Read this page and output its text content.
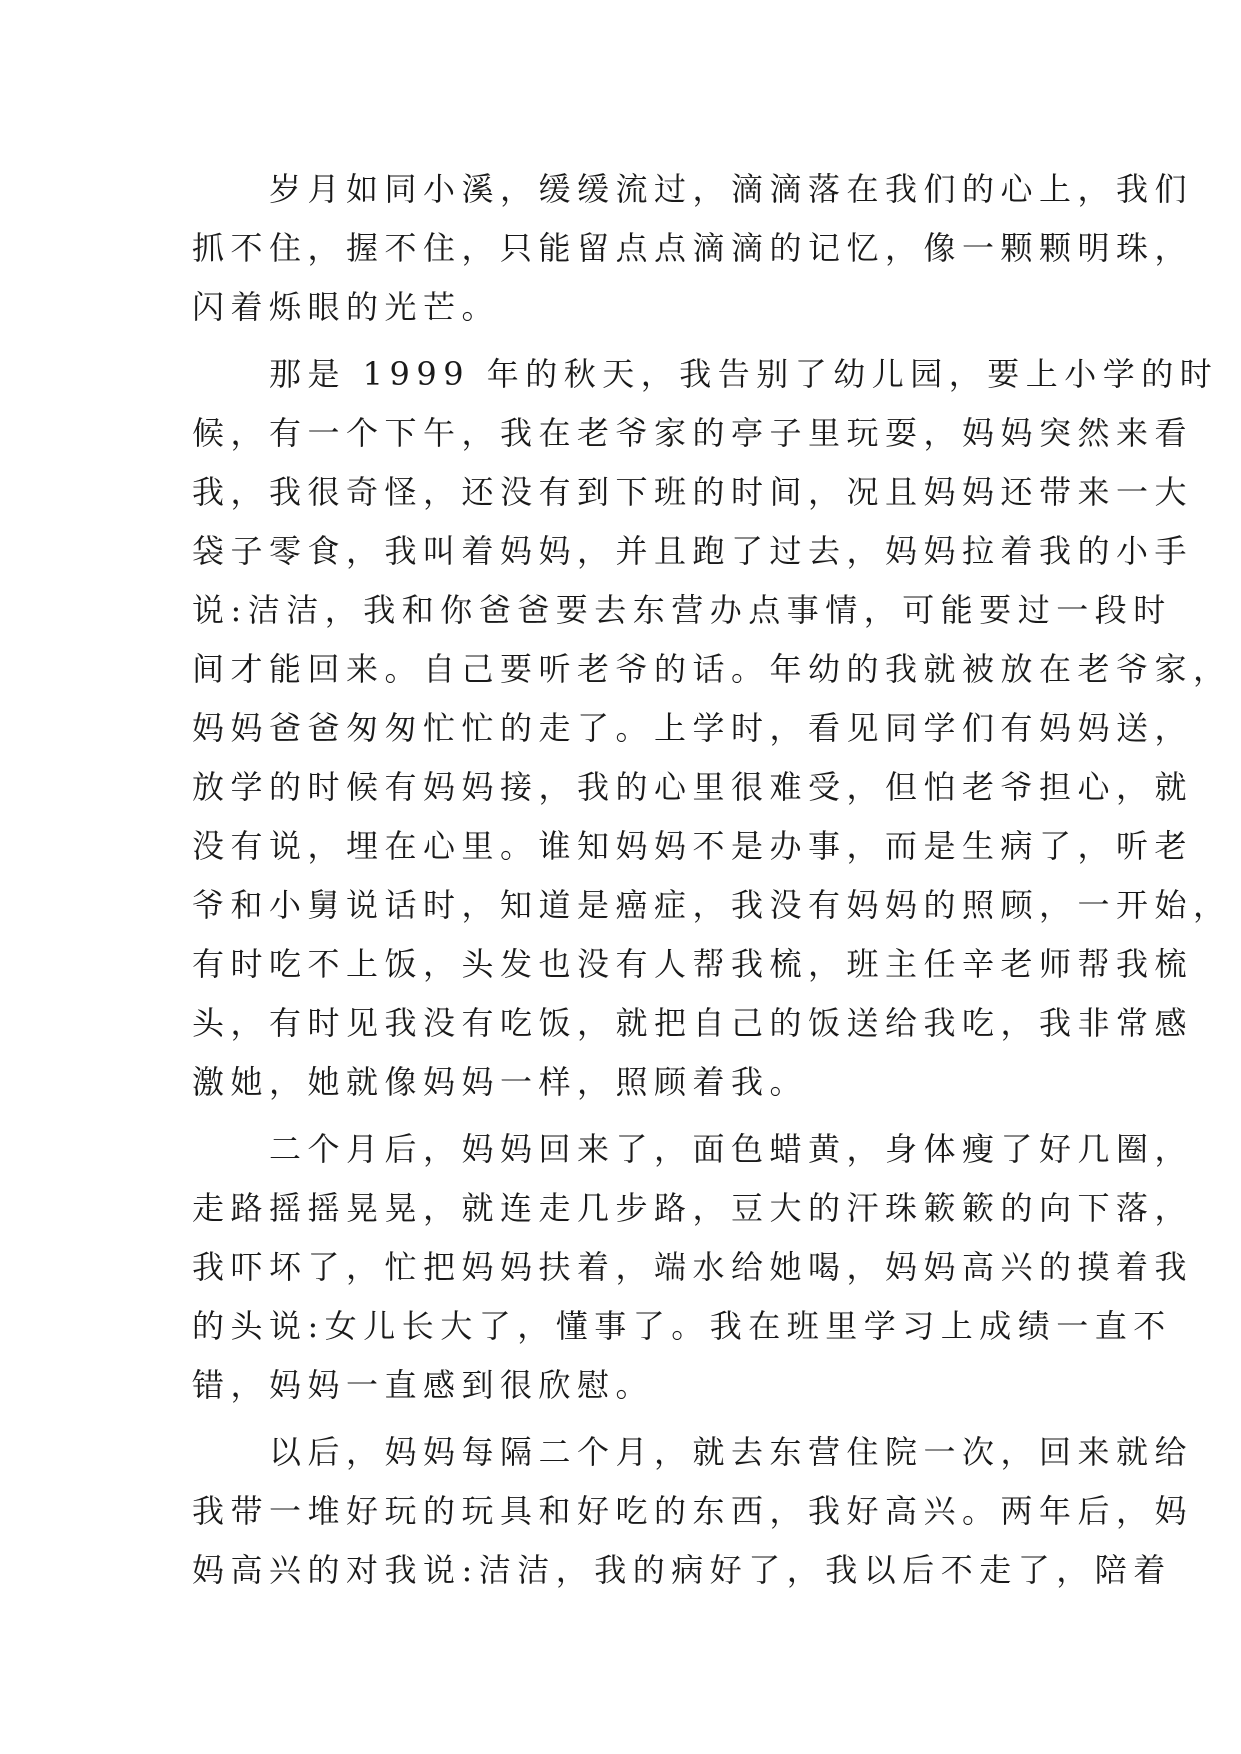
　　岁月如同小溪，缓缓流过，滴滴落在我们的心上，我们
抓不住，握不住，只能留点点滴滴的记忆，像一颗颗明珠，
闪着烁眼的光芒。
　　那是 1999 年的秋天，我告别了幼儿园，要上小学的时
候，有一个下午，我在老爷家的亭子里玩耍，妈妈突然来看
我，我很奇怪，还没有到下班的时间，况且妈妈还带来一大
袋子零食，我叫着妈妈，并且跑了过去，妈妈拉着我的小手
说:洁洁，我和你爸爸要去东营办点事情，可能要过一段时
间才能回来。自己要听老爷的话。年幼的我就被放在老爷家，
妈妈爸爸匆匆忙忙的走了。上学时，看见同学们有妈妈送，
放学的时候有妈妈接，我的心里很难受，但怕老爷担心，就
没有说，埋在心里。谁知妈妈不是办事，而是生病了，听老
爷和小舅说话时，知道是癌症，我没有妈妈的照顾，一开始，
有时吃不上饭，头发也没有人帮我梳，班主任辛老师帮我梳
头，有时见我没有吃饭，就把自己的饭送给我吃，我非常感
激她，她就像妈妈一样，照顾着我。
　　二个月后，妈妈回来了，面色蜡黄，身体瘦了好几圈，
走路摇摇晃晃，就连走几步路，豆大的汗珠簌簌的向下落，
我吓坏了，忙把妈妈扶着，端水给她喝，妈妈高兴的摸着我
的头说:女儿长大了，懂事了。我在班里学习上成绩一直不
错，妈妈一直感到很欣慰。
　　以后，妈妈每隔二个月，就去东营住院一次，回来就给
我带一堆好玩的玩具和好吃的东西，我好高兴。两年后，妈
妈高兴的对我说:洁洁，我的病好了，我以后不走了，陪着
